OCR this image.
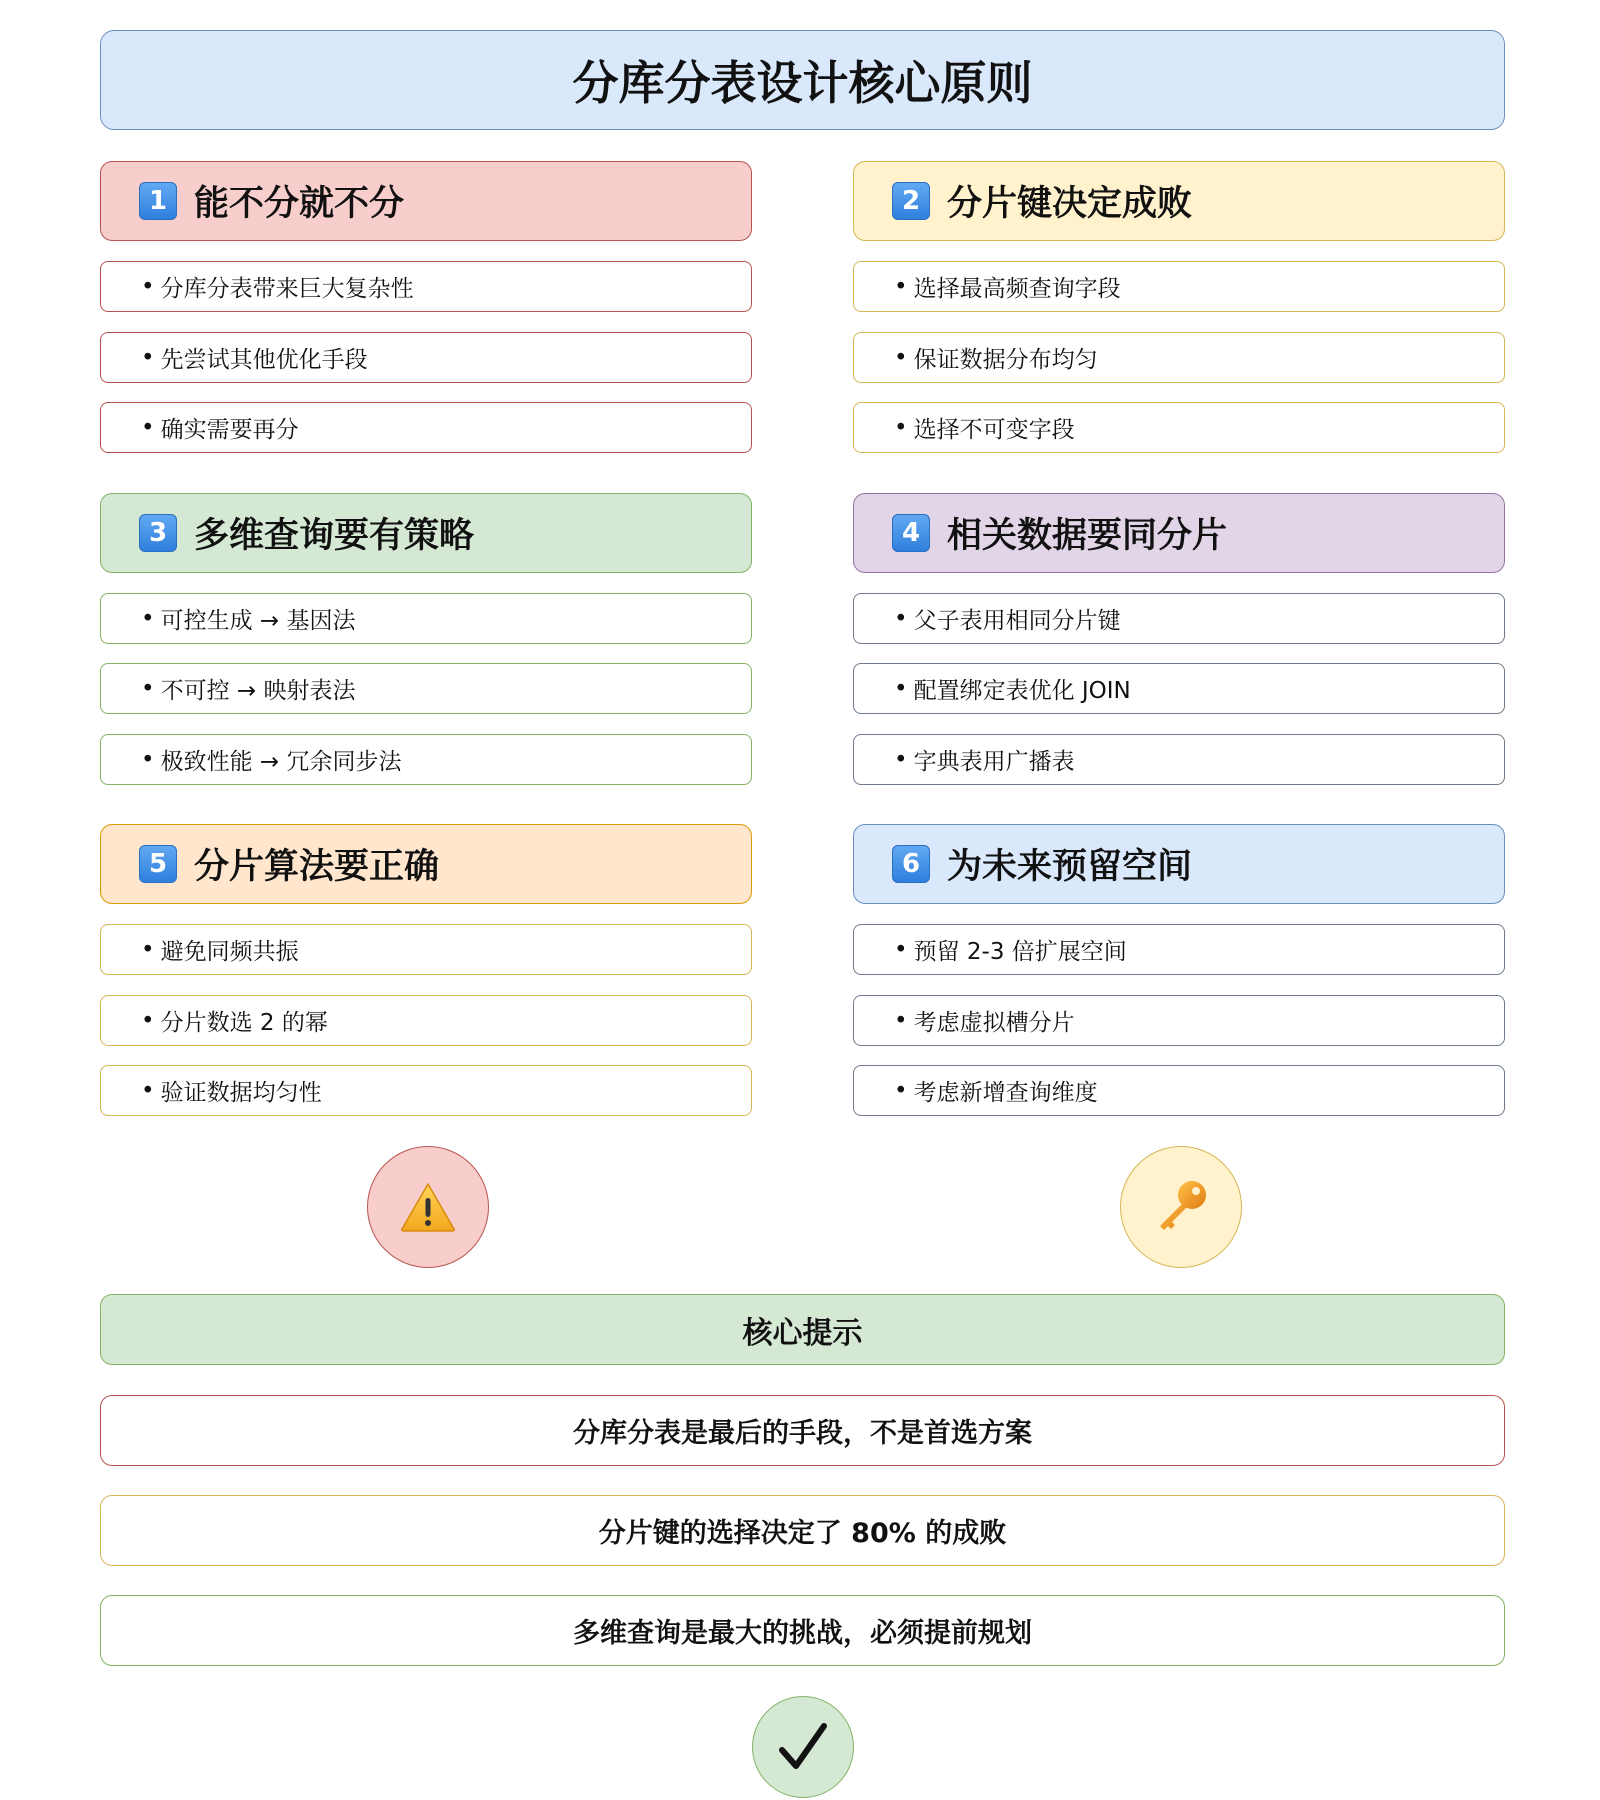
分库分表设计核心原则
1 能不分就不分
• 分库分表带来巨大复杂性
• 先尝试其他优化手段
• 确实需要再分
2 分片键决定成败
• 选择最高频查询字段
• 保证数据分布均匀
• 选择不可变字段
3 多维查询要有策略
• 可控生成 → 基因法
• 不可控 → 映射表法
• 极致性能 → 冗余同步法
4 相关数据要同分片
• 父子表用相同分片键
• 配置绑定表优化 JOIN
• 字典表用广播表
5 分片算法要正确
• 避免同频共振
• 分片数选 2 的幂
• 验证数据均匀性
6 为未来预留空间
• 预留 2-3 倍扩展空间
• 考虑虚拟槽分片
• 考虑新增查询维度
核心提示
分库分表是最后的手段，不是首选方案
分片键的选择决定了 80% 的成败
多维查询是最大的挑战，必须提前规划
